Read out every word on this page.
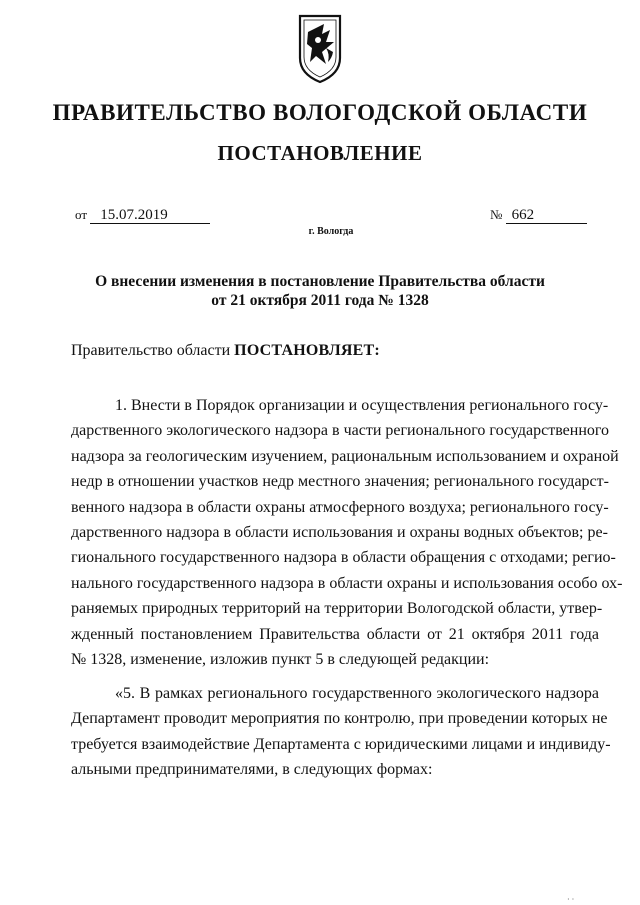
ПРАВИТЕЛЬСТВО ВОЛОГОДСКОЙ ОБЛАСТИ
ПОСТАНОВЛЕНИЕ
от 15.07.2019	№ 662
г. Вологда
О внесении изменения в постановление Правительства области
от 21 октября 2011 года № 1328
Правительство области ПОСТАНОВЛЯЕТ:
1. Внести в Порядок организации и осуществления регионального госу-
дарственного экологического надзора в части регионального государственного
надзора за геологическим изучением, рациональным использованием и охраной
недр в отношении участков недр местного значения; регионального государст-
венного надзора в области охраны атмосферного воздуха; регионального госу-
дарственного надзора в области использования и охраны водных объектов; ре-
гионального государственного надзора в области обращения с отходами; регио-
нального государственного надзора в области охраны и использования особо ох-
раняемых природных территорий на территории Вологодской области, утвер-
жденный постановлением Правительства области от 21 октября 2011 года
№ 1328, изменение, изложив пункт 5 в следующей редакции:
«5. В рамках регионального государственного экологического надзора
Департамент проводит мероприятия по контролю, при проведении которых не
требуется взаимодействие Департамента с юридическими лицами и индивиду-
альными предпринимателями, в следующих формах:
· ·
